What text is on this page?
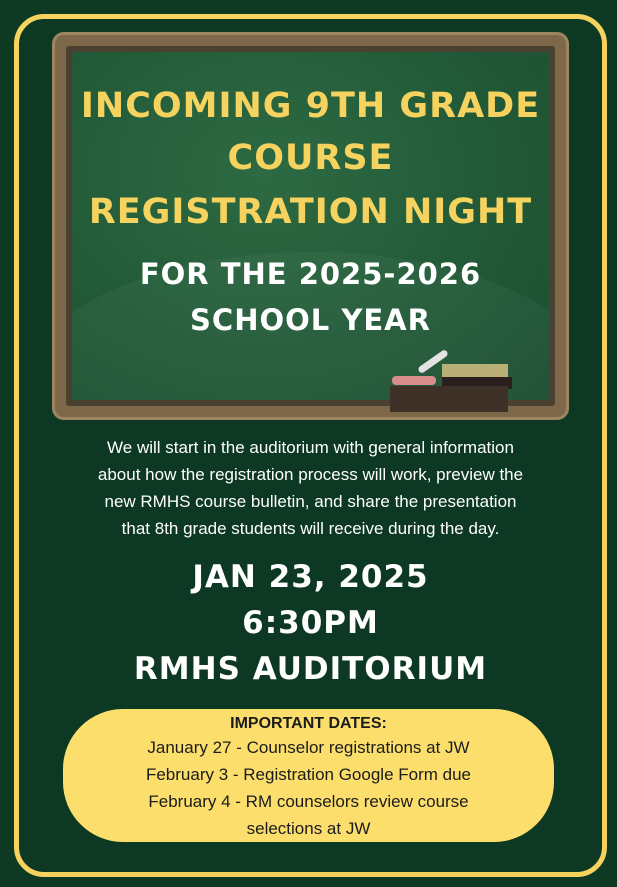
INCOMING 9TH GRADE
COURSE
REGISTRATION NIGHT
FOR THE 2025-2026
SCHOOL YEAR
We will start in the auditorium with general information
about how the registration process will work, preview the
new RMHS course bulletin, and share the presentation
that 8th grade students will receive during the day.
JAN 23, 2025
6:30PM
RMHS AUDITORIUM
IMPORTANT DATES:
January 27 - Counselor registrations at JW
February 3 - Registration Google Form due
February 4 - RM counselors review course
selections at JW
